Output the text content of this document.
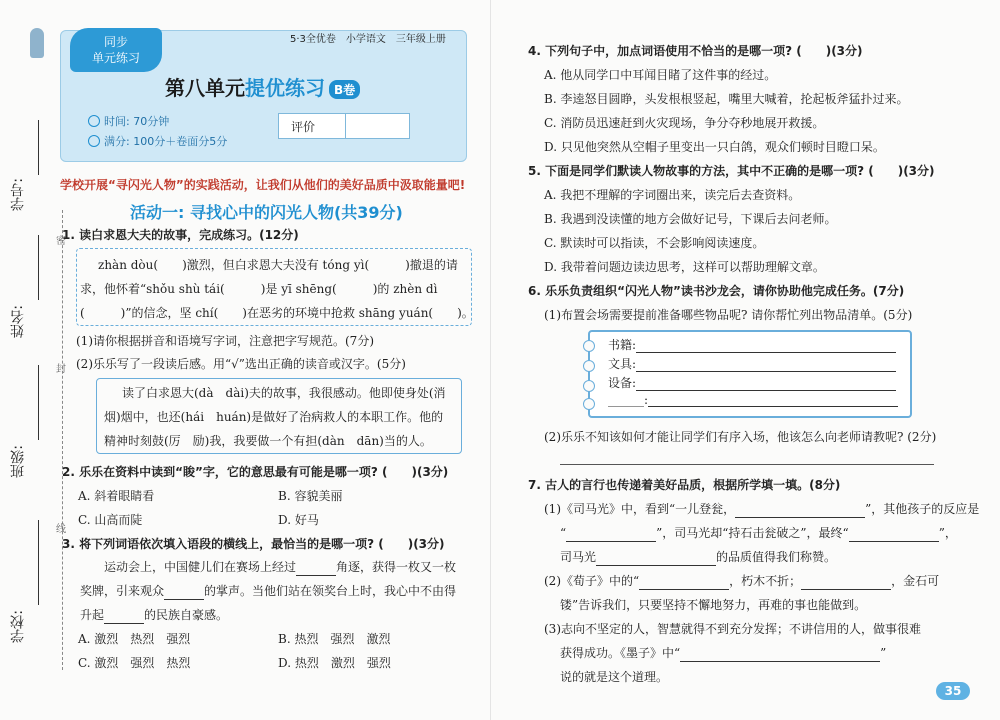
学号:
姓名:
班级:
学校:
密
封
线
同步
单元练习
5·3全优卷　小学语文　三年级上册
第八单元提优练习 B卷
时间: 70分钟
满分: 100分＋卷面分5分
评价
学校开展“寻闪光人物”的实践活动，让我们从他们的美好品质中汲取能量吧!
活动一: 寻找心中的闪光人物(共39分)
1. 读白求恩大夫的故事，完成练习。(12分)
zhàn dòu(　　)激烈，但白求恩大夫没有 tóng yì(　　　)撤退的请
求，他怀着“shǒu shù tái(　　　)是 yī shēng(　　　)的 zhèn dì
(　　　)”的信念，坚 chí(　　)在恶劣的环境中抢救 shāng yuán(　　)。
(1)请你根据拼音和语境写字词，注意把字写规范。(7分)
(2)乐乐写了一段读后感。用“√”选出正确的读音或汉字。(5分)
读了白求恩大(dà　dài)夫的故事，我很感动。他即使身处(消
烟)烟中，也还(hái　huán)是做好了治病救人的本职工作。他的
精神时刻鼓(厉　励)我，我要做一个有担(dàn　dān)当的人。
2. 乐乐在资料中读到“睃”字，它的意思最有可能是哪一项? (　　)(3分)
A. 斜着眼睛看	B. 容貌美丽
C. 山高而陡	D. 好马
3. 将下列词语依次填入语段的横线上，最恰当的是哪一项? (　　)(3分)
运动会上，中国健儿们在赛场上经过	角逐，获得一枚又一枚
奖牌，引来观众	的掌声。当他们站在领奖台上时，我心中不由得
升起	的民族自豪感。
A. 激烈　热烈　强烈	B. 热烈　强烈　激烈
C. 激烈　强烈　热烈	D. 热烈　激烈　强烈
4. 下列句子中，加点词语使用不恰当的是哪一项? (　　)(3分)
A. 他从同学口中耳闻目睹了这件事的经过。
B. 李逵怒目圆睁，头发根根竖起，嘴里大喊着，抡起板斧猛扑过来。
C. 消防员迅速赶到火灾现场，争分夺秒地展开救援。
D. 只见他突然从空帽子里变出一只白鸽，观众们顿时目瞪口呆。
5. 下面是同学们默读人物故事的方法，其中不正确的是哪一项? (　　)(3分)
A. 我把不理解的字词圈出来，读完后去查资料。
B. 我遇到没读懂的地方会做好记号，下课后去问老师。
C. 默读时可以指读，不会影响阅读速度。
D. 我带着问题边读边思考，这样可以帮助理解文章。
6. 乐乐负责组织“闪光人物”读书沙龙会，请你协助他完成任务。(7分)
(1)布置会场需要提前准备哪些物品呢? 请你帮忙列出物品清单。(5分)
书籍:
文具:
设备:
______:
(2)乐乐不知该如何才能让同学们有序入场，他该怎么向老师请教呢? (2分)
7. 古人的言行也传递着美好品质，根据所学填一填。(8分)
(1)《司马光》中，看到“一儿登瓮，	”，其他孩子的反应是
“	”，司马光却“持石击瓮破之”，最终“	”，
司马光	的品质值得我们称赞。
(2)《荀子》中的“	，朽木不折；	，金石可
镂”告诉我们，只要坚持不懈地努力，再难的事也能做到。
(3)志向不坚定的人，智慧就得不到充分发挥；不讲信用的人，做事很难
获得成功。《墨子》中“	”
说的就是这个道理。
35
